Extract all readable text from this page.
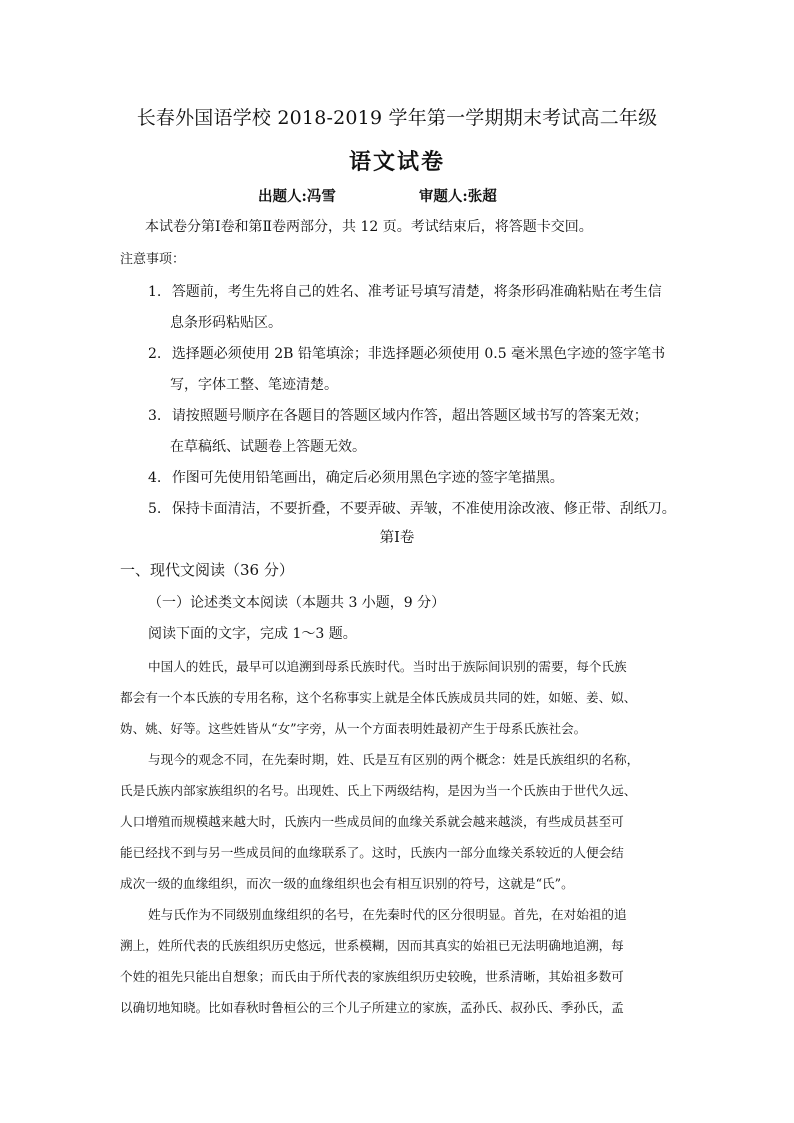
长春外国语学校 2018-2019 学年第一学期期末考试高二年级
语文试卷
出题人:冯雪	审题人:张超
本试卷分第Ⅰ卷和第Ⅱ卷两部分，共 12 页。考试结束后，将答题卡交回。
注意事项：
1. 答题前，考生先将自己的姓名、准考证号填写清楚，将条形码准确粘贴在考生信
息条形码粘贴区。
2. 选择题必须使用 2B 铅笔填涂；非选择题必须使用 0.5 毫米黑色字迹的签字笔书
写，字体工整、笔迹清楚。
3. 请按照题号顺序在各题目的答题区域内作答，超出答题区域书写的答案无效；
在草稿纸、试题卷上答题无效。
4. 作图可先使用铅笔画出，确定后必须用黑色字迹的签字笔描黑。
5. 保持卡面清洁，不要折叠，不要弄破、弄皱，不准使用涂改液、修正带、刮纸刀。
第Ⅰ卷
一、现代文阅读（36 分）
（一）论述类文本阅读（本题共 3 小题，9 分）
阅读下面的文字，完成 1～3 题。
中国人的姓氏，最早可以追溯到母系氏族时代。当时出于族际间识别的需要，每个氏族
都会有一个本氏族的专用名称，这个名称事实上就是全体氏族成员共同的姓，如姬、姜、姒、
妫、姚、好等。这些姓皆从“女”字旁，从一个方面表明姓最初产生于母系氏族社会。
与现今的观念不同，在先秦时期，姓、氏是互有区别的两个概念：姓是氏族组织的名称，
氏是氏族内部家族组织的名号。出现姓、氏上下两级结构，是因为当一个氏族由于世代久远、
人口增殖而规模越来越大时，氏族内一些成员间的血缘关系就会越来越淡，有些成员甚至可
能已经找不到与另一些成员间的血缘联系了。这时，氏族内一部分血缘关系较近的人便会结
成次一级的血缘组织，而次一级的血缘组织也会有相互识别的符号，这就是“氏”。
姓与氏作为不同级别血缘组织的名号，在先秦时代的区分很明显。首先，在对始祖的追
溯上，姓所代表的氏族组织历史悠远，世系模糊，因而其真实的始祖已无法明确地追溯，每
个姓的祖先只能出自想象；而氏由于所代表的家族组织历史较晚，世系清晰，其始祖多数可
以确切地知晓。比如春秋时鲁桓公的三个儿子所建立的家族，孟孙氏、叔孙氏、季孙氏，孟
